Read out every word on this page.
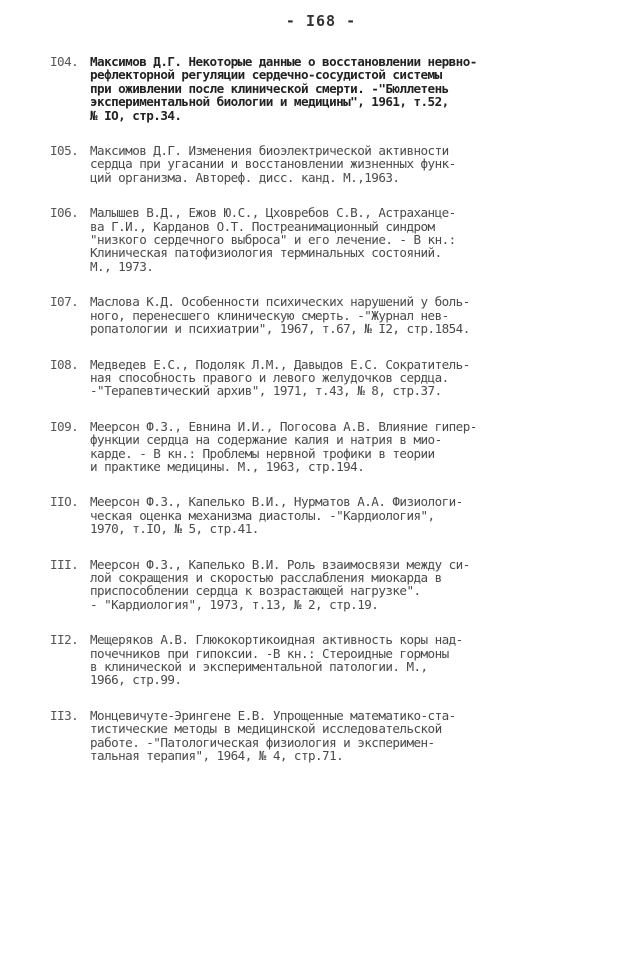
- I68 -
I04. Максимов Д.Г. Некоторые данные о восстановлении нервно-
рефлекторной регуляции сердечно-сосудистой системы
при оживлении после клинической смерти. -"Бюллетень
экспериментальной биологии и медицины", 1961, т.52,
№ IO, стр.34.
I05. Максимов Д.Г. Изменения биоэлектрической активности
сердца при угасании и восстановлении жизненных функ-
ций организма. Автореф. дисс. канд. М.,1963.
I06. Малышев В.Д., Ежов Ю.С., Цховребов С.В., Астраханце-
ва Г.И., Карданов О.Т. Постреанимационный синдром
"низкого сердечного выброса" и его лечение. - В кн.:
Клиническая патофизиология терминальных состояний.
М., 1973.
I07. Маслова К.Д. Особенности психических нарушений у боль-
ного, перенесшего клиническую смерть. -"Журнал нев-
ропатологии и психиатрии", 1967, т.67, № I2, стр.1854.
I08. Медведев Е.С., Подоляк Л.М., Давыдов Е.С. Сократитель-
ная способность правого и левого желудочков сердца.
-"Терапевтический архив", 1971, т.43, № 8, стр.37.
I09. Меерсон Ф.З., Евнина И.И., Погосова А.В. Влияние гипер-
функции сердца на содержание калия и натрия в мио-
карде. - В кн.: Проблемы нервной трофики в теории
и практике медицины. М., 1963, стр.194.
IIO. Меерсон Ф.З., Капелько В.И., Нурматов А.А. Физиологи-
ческая оценка механизма диастолы. -"Кардиология",
1970, т.IO, № 5, стр.41.
III. Меерсон Ф.З., Капелько В.И. Роль взаимосвязи между си-
лой сокращения и скоростью расслабления миокарда в
приспособлении сердца к возрастающей нагрузке".
- "Кардиология", 1973, т.13, № 2, стр.19.
II2. Мещеряков А.В. Глюкокортикоидная активность коры над-
почечников при гипоксии. -В кн.: Стероидные гормоны
в клинической и экспериментальной патологии. М.,
1966, стр.99.
II3. Монцевичуте-Эрингене Е.В. Упрощенные математико-ста-
тистические методы в медицинской исследовательской
работе. -"Патологическая физиология и эксперимен-
тальная терапия", 1964, № 4, стр.71.
